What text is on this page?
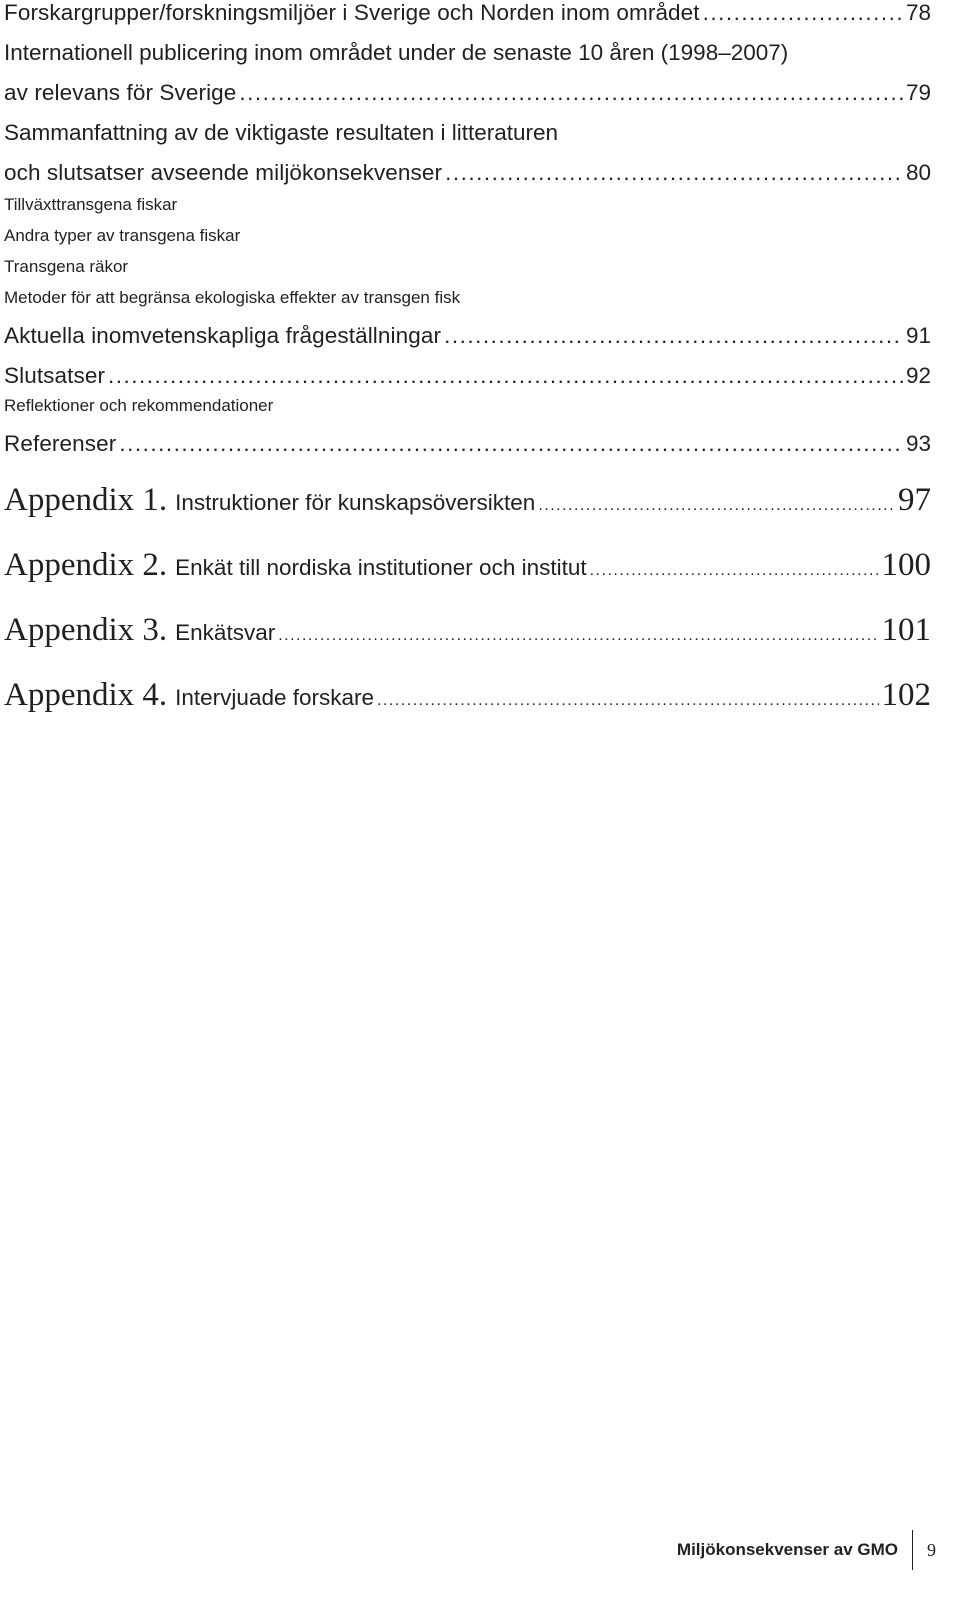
Forskargrupper/forskningsmiljöer i Sverige och Norden inom området .....	78
Internationell publicering inom området under de senaste 10 åren (1998–2007)
av relevans för Sverige .....	79
Sammanfattning av de viktigaste resultaten i litteraturen
och slutsatser avseende miljökonsekvenser .....	80
Tillväxttransgena fiskar
Andra typer av transgena fiskar
Transgena räkor
Metoder för att begränsa ekologiska effekter av transgen fisk
Aktuella inomvetenskapliga frågeställningar .....	91
Slutsatser .....	92
Reflektioner och rekommendationer
Referenser .....	93
Appendix 1. Instruktioner för kunskapsöversikten .....	97
Appendix 2. Enkät till nordiska institutioner och institut .....	100
Appendix 3. Enkätsvar .....	101
Appendix 4. Intervjuade forskare .....	102
Miljökonsekvenser av GMO	9
